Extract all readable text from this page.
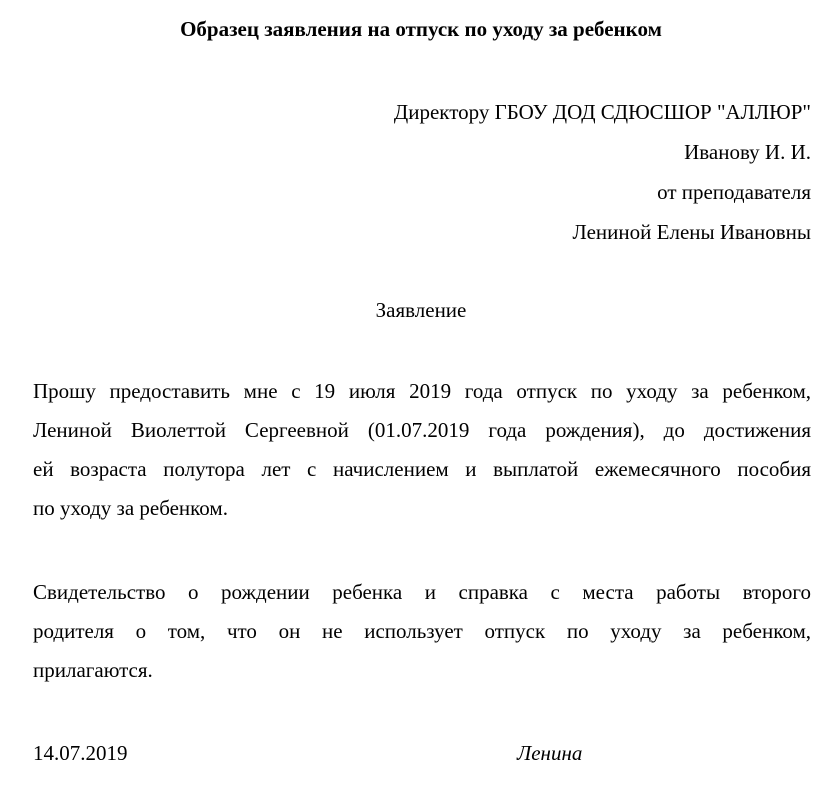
Образец заявления на отпуск по уходу за ребенком
Директору ГБОУ ДОД СДЮСШОР "АЛЛЮР"
Иванову И. И.
от преподавателя
Лениной Елены Ивановны
Заявление
Прошу предоставить мне с 19 июля 2019 года отпуск по уходу за ребенком,
Лениной Виолеттой Сергеевной (01.07.2019 года рождения), до достижения
ей возраста полутора лет с начислением и выплатой ежемесячного пособия
по уходу за ребенком.
Свидетельство о рождении ребенка и справка с места работы второго
родителя о том, что он не использует отпуск по уходу за ребенком,
прилагаются.
14.07.2019	Ленина
